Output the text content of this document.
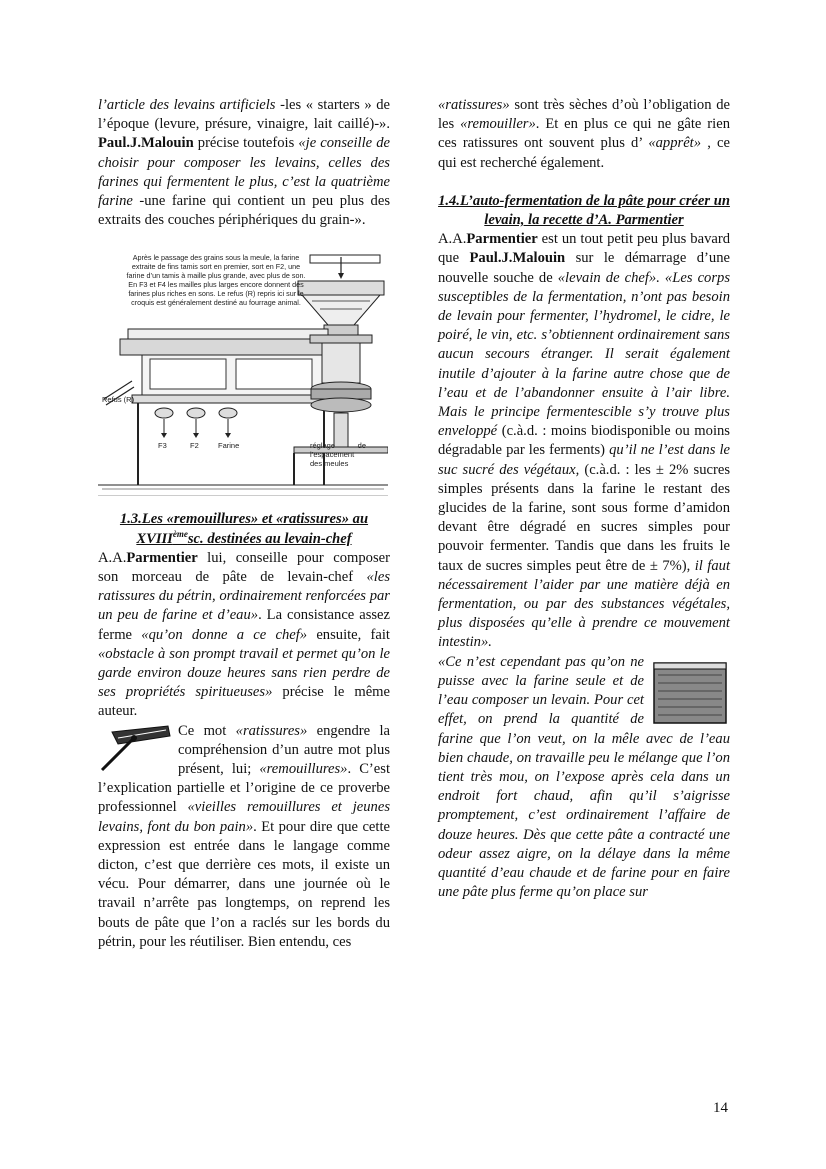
l’article des levains artificiels -les « starters » de l’époque (levure, présure, vinaigre, lait caillé)-». Paul.J.Malouin précise toutefois «je conseille de choisir pour composer les levains, celles des farines qui fermentent le plus, c’est la quatrième farine -une farine qui contient un peu plus des extraits des couches périphériques du grain-».

Après le passage des grains sous la meule, la farine extraite de fins tamis sort en premier, sort en F2, une farine d’un tamis à maille plus grande, avec plus de son. En F3 et F4 les mailles plus larges encore donnent des farines plus riches en sons. Le refus (R) repris ici sur le croquis est généralement destiné au fourrage animal.
Refus (R)
F3	F2	Farine	réglage de l’espacement des meules

1.3.Les «remouillures» et «ratissures» au XVIIIèmesc. destinées au levain-chef

A.A.Parmentier lui, conseille pour composer son morceau de pâte de levain-chef «les ratissures du pétrin, ordinairement renforcées par un peu de farine et d’eau». La consistance assez ferme «qu’on donne a ce chef» ensuite, fait «obstacle à son prompt travail et permet qu’on le garde environ douze heures sans rien perdre de ses propriétés spiritueuses» précise le même auteur.

Ce mot «ratissures» engendre la compréhension d’un autre mot plus présent, lui; «remouillures». C’est l’explication partielle et l’origine de ce proverbe professionnel «vieilles remouillures et jeunes levains, font du bon pain». Et pour dire que cette expression est entrée dans le langage comme dicton, c’est que derrière ces mots, il existe un vécu. Pour démarrer, dans une journée où le travail n’arrête pas longtemps, on reprend les bouts de pâte que l’on a raclés sur les bords du pétrin, pour les réutiliser. Bien entendu, ces

«ratissures» sont très sèches d’où l’obligation de les «remouiller». Et en plus ce qui ne gâte rien ces ratissures ont souvent plus d’ «apprêt» , ce qui est recherché également.

1.4.L’auto-fermentation de la pâte pour créer un levain, la recette d’A. Parmentier

A.A.Parmentier est un tout petit peu plus bavard que Paul.J.Malouin sur le démarrage d’une nouvelle souche de «levain de chef». «Les corps susceptibles de la fermentation, n’ont pas besoin de levain pour fermenter, l’hydromel, le cidre, le poiré, le vin, etc. s’obtiennent ordinairement sans aucun secours étranger. Il serait également inutile d’ajouter à la farine autre chose que de l’eau et de l’abandonner ensuite à l’air libre. Mais le principe fermentescible s’y trouve plus enveloppé (c.à.d. : moins biodisponible ou moins dégradable par les ferments) qu’il ne l’est dans le suc sucré des végétaux, (c.à.d. : les ± 2% sucres simples présents dans la farine le restant des glucides de la farine, sont sous forme d’amidon devant être dégradé en sucres simples pour pouvoir fermenter. Tandis que dans les fruits le taux de sucres simples peut être de ± 7%), il faut nécessairement l’aider par une matière déjà en fermentation, ou par des substances végétales, plus disposées qu’elle à prendre ce mouvement intestin».

«Ce n’est cependant pas qu’on ne puisse avec la farine seule et de l’eau composer un levain. Pour cet effet, on prend la quantité de farine que l’on veut, on la mêle avec de l’eau bien chaude, on travaille peu le mélange que l’on tient très mou, on l’expose après cela dans un endroit fort chaud, afin qu’il s’aigrisse promptement, c’est ordinairement l’affaire de douze heures. Dès que cette pâte a contracté une odeur assez aigre, on la délaye dans la même quantité d’eau chaude et de farine pour en faire une pâte plus ferme qu’on place sur

14
